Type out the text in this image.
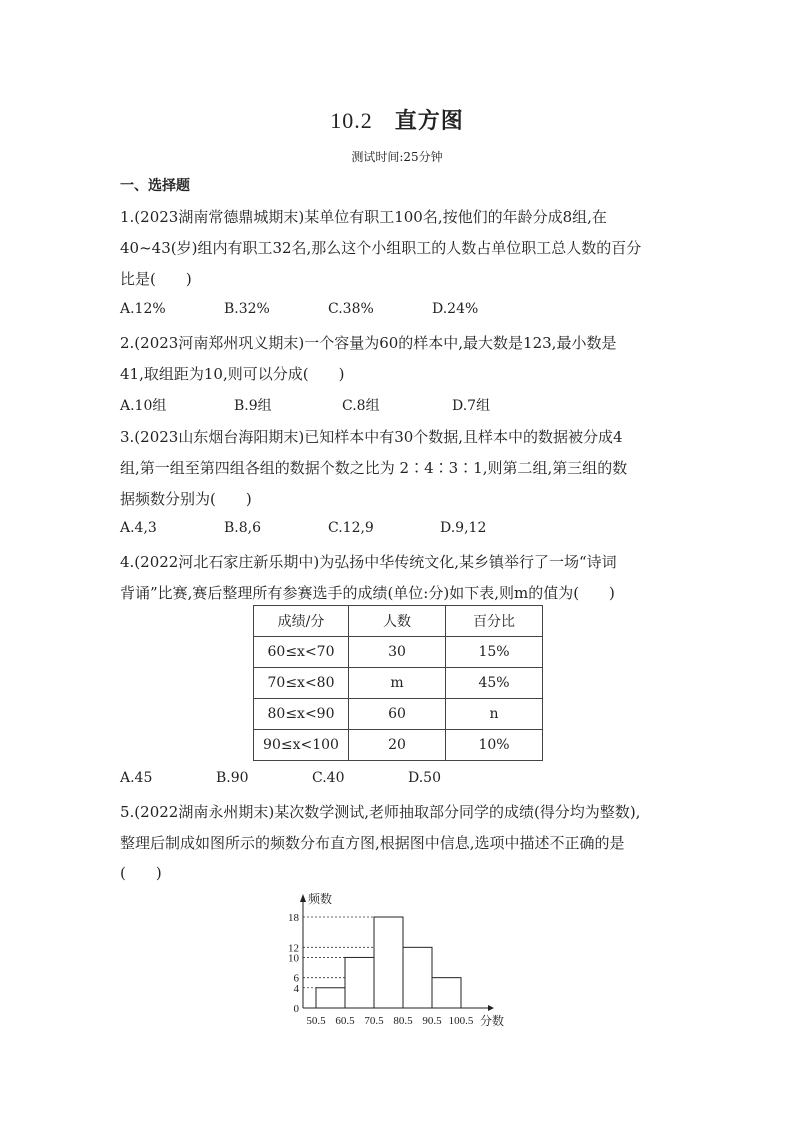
10.2 直方图
测试时间:25分钟
一、选择题
1.(2023湖南常德鼎城期末)某单位有职工100名,按他们的年龄分成8组,在
40~43(岁)组内有职工32名,那么这个小组职工的人数占单位职工总人数的百分
比是(　　)
A.12%	B.32%	C.38%	D.24%
2.(2023河南郑州巩义期末)一个容量为60的样本中,最大数是123,最小数是
41,取组距为10,则可以分成(　　)
A.10组	B.9组	C.8组	D.7组
3.(2023山东烟台海阳期末)已知样本中有30个数据,且样本中的数据被分成4
组,第一组至第四组各组的数据个数之比为 2∶4∶3∶1,则第二组,第三组的数
据频数分别为(　　)
A.4,3	B.8,6	C.12,9	D.9,12
4.(2022河北石家庄新乐期中)为弘扬中华传统文化,某乡镇举行了一场“诗词
背诵”比赛,赛后整理所有参赛选手的成绩(单位:分)如下表,则m的值为(　　)
成绩/分	人数	百分比
60≤x<70	30	15%
70≤x<80	m	45%
80≤x<90	60	n
90≤x<100	20	10%
A.45	B.90	C.40	D.50
5.(2022湖南永州期末)某次数学测试,老师抽取部分同学的成绩(得分均为整数),
整理后制成如图所示的频数分布直方图,根据图中信息,选项中描述不正确的是
(　　)
频数
分数
0
4
6
10
12
18
50.5 60.5 70.5 80.5 90.5 100.5
